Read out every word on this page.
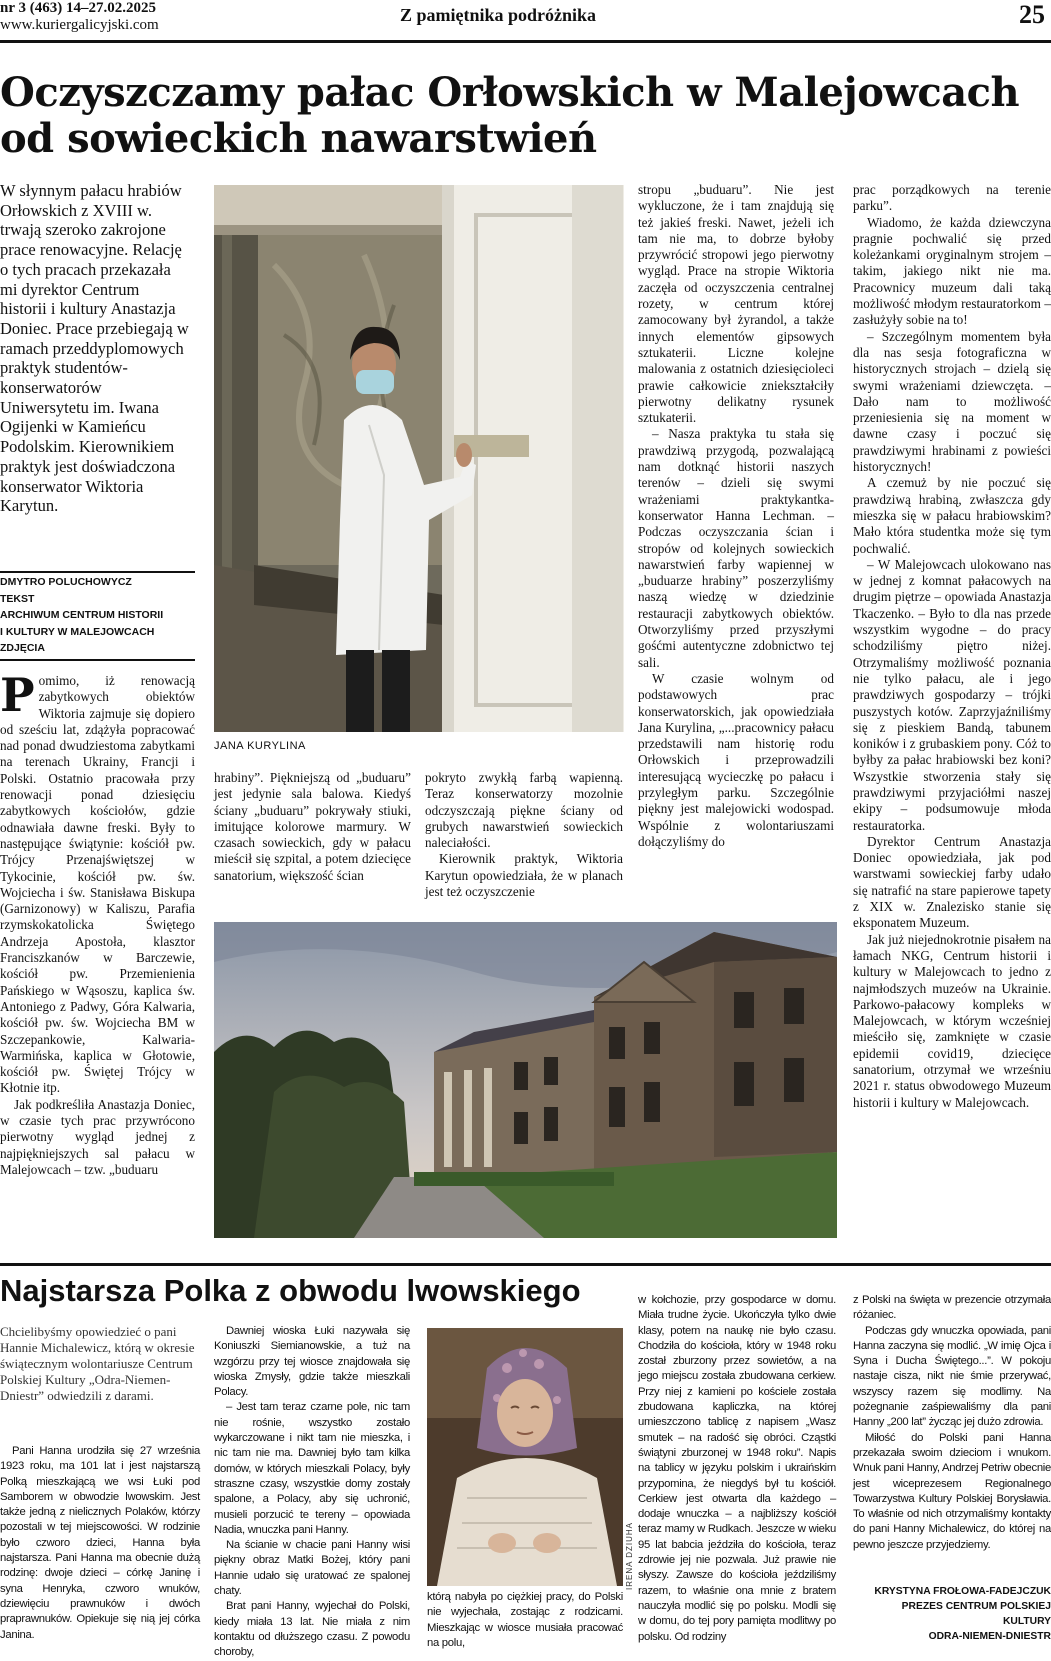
nr 3 (463) 14–27.02.2025
www.kuriergalicyjski.com	Z pamiętnika podróżnika	25
Oczyszczamy pałac Orłowskich w Malejowcach od sowieckich nawarstwień
W słynnym pałacu hrabiów Orłowskich z XVIII w. trwają szeroko zakrojone prace renowacyjne. Relację o tych pracach przekazała mi dyrektor Centrum historii i kultury Anastazja Doniec. Prace przebiegają w ramach przeddyplomowych praktyk studentów-konserwatorów Uniwersytetu im. Iwana Ogijenki w Kamieńcu Podolskim. Kierownikiem praktyk jest doświadczona konserwator Wiktoria Karytun.
DMYTRO POLUCHOWYCZ
TEKST
ARCHIWUM CENTRUM HISTORII
I KULTURY W MALEJOWCACH
ZDJĘCIA
JANA KURYLINA

Pomimo, iż renowacją zabytkowych obiektów Wiktoria zajmuje się dopiero od sześciu lat, zdążyła popracować nad ponad dwudziestoma zabytkami na terenach Ukrainy, Francji i Polski. Ostatnio pracowała przy renowacji ponad dziesięciu zabytkowych kościołów, gdzie odnawiała dawne freski. Były to następujące świątynie: kościół pw. Trójcy Przenajświętszej w Tykocinie, kościół pw. św. Wojciecha i św. Stanisława Biskupa (Garnizonowy) w Kaliszu, Parafia rzymskokatolicka Świętego Andrzeja Apostoła, klasztor Franciszkanów w Barczewie, kościół pw. Przemienienia Pańskiego w Wąsoszu, kaplica św. Antoniego z Padwy, Góra Kalwaria, kościół pw. św. Wojciecha BM w Szczepankowie, Kalwaria-Warmińska, kaplica w Głotowie, kościół pw. Świętej Trójcy w Kłotnie itp.

Jak podkreśliła Anastazja Doniec, w czasie tych prac przywrócono pierwotny wygląd jednej z najpiękniejszych sal pałacu w Malejowcach – tzw. „buduaru

hrabiny”. Piękniejszą od „buduaru” jest jedynie sala balowa. Kiedyś ściany „buduaru” pokrywały stiuki, imitujące kolorowe marmury. W czasach sowieckich, gdy w pałacu mieścił się szpital, a potem dziecięce sanatorium, większość ścian

pokryto zwykłą farbą wapienną. Teraz konserwatorzy mozolnie odczyszczają piękne ściany od grubych nawarstwień sowieckich naleciałości.

Kierownik praktyk, Wiktoria Karytun opowiedziała, że w planach jest też oczyszczenie

stropu „buduaru”. Nie jest wykluczone, że i tam znajdują się też jakieś freski. Nawet, jeżeli ich tam nie ma, to dobrze byłoby przywrócić stropowi jego pierwotny wygląd. Prace na stropie Wiktoria zaczęła od oczyszczenia centralnej rozety, w centrum której zamocowany był żyrandol, a także innych elementów gipsowych sztukaterii. Liczne kolejne malowania z ostatnich dziesięcioleci prawie całkowicie zniekształciły pierwotny delikatny rysunek sztukaterii.

– Nasza praktyka tu stała się prawdziwą przygodą, pozwalającą nam dotknąć historii naszych terenów – dzieli się swymi wrażeniami praktykantka-konserwator Hanna Lechman. – Podczas oczyszczania ścian i stropów od kolejnych sowieckich nawarstwień farby wapiennej w „buduarze hrabiny” poszerzyliśmy naszą wiedzę w dziedzinie restauracji zabytkowych obiektów. Otworzyliśmy przed przyszłymi gośćmi autentyczne zdobnictwo tej sali.

W czasie wolnym od podstawowych prac konserwatorskich, jak opowiedziała Jana Kurylina, „...pracownicy pałacu przedstawili nam historię rodu Orłowskich i przeprowadzili interesującą wycieczkę po pałacu i przyległym parku. Szczególnie piękny jest malejowicki wodospad. Wspólnie z wolontariuszami dołączyliśmy do

prac porządkowych na terenie parku”.

Wiadomo, że każda dziewczyna pragnie pochwalić się przed koleżankami oryginalnym strojem – takim, jakiego nikt nie ma. Pracownicy muzeum dali taką możliwość młodym restauratorkom – zasłużyły sobie na to!

– Szczególnym momentem była dla nas sesja fotograficzna w historycznych strojach – dzielą się swymi wrażeniami dziewczęta. – Dało nam to możliwość przeniesienia się na moment w dawne czasy i poczuć się prawdziwymi hrabinami z powieści historycznych!

A czemuż by nie poczuć się prawdziwą hrabiną, zwłaszcza gdy mieszka się w pałacu hrabiowskim? Mało która studentka może się tym pochwalić.

– W Malejowcach ulokowano nas w jednej z komnat pałacowych na drugim piętrze – opowiada Anastazja Tkaczenko. – Było to dla nas przede wszystkim wygodne – do pracy schodziliśmy piętro niżej. Otrzymaliśmy możliwość poznania nie tylko pałacu, ale i jego prawdziwych gospodarzy – trójki puszystych kotów. Zaprzyjaźniliśmy się z pieskiem Bandą, tabunem koników i z grubaskiem pony. Cóż to byłby za pałac hrabiowski bez koni? Wszystkie stworzenia stały się prawdziwymi przyjaciółmi naszej ekipy – podsumowuje młoda restauratorka.

Dyrektor Centrum Anastazja Doniec opowiedziała, jak pod warstwami sowieckiej farby udało się natrafić na stare papierowe tapety z XIX w. Znalezisko stanie się eksponatem Muzeum.

Jak już niejednokrotnie pisałem na łamach NKG, Centrum historii i kultury w Malejowcach to jedno z najmłodszych muzeów na Ukrainie. Parkowo-pałacowy kompleks w Malejowcach, w którym wcześniej mieściło się, zamknięte w czasie epidemii covid19, dziecięce sanatorium, otrzymał we wrześniu 2021 r. status obwodowego Muzeum historii i kultury w Malejowcach.

Najstarsza Polka z obwodu lwowskiego
Chcielibyśmy opowiedzieć o pani Hannie Michalewicz, którą w okresie świątecznym wolontariusze Centrum Polskiej Kultury „Odra-Niemen-Dniestr” odwiedzili z darami.

Pani Hanna urodziła się 27 września 1923 roku, ma 101 lat i jest najstarszą Polką mieszkającą we wsi Łuki pod Samborem w obwodzie lwowskim. Jest także jedną z nielicznych Polaków, którzy pozostali w tej miejscowości. W rodzinie było czworo dzieci, Hanna była najstarsza. Pani Hanna ma obecnie dużą rodzinę: dwoje dzieci – córkę Janinę i syna Henryka, czworo wnuków, dziewięciu prawnuków i dwóch praprawnuków. Opiekuje się nią jej córka Janina.

Dawniej wioska Łuki nazywała się Koniuszki Siemianowskie, a tuż na wzgórzu przy tej wiosce znajdowała się wioska Zmysły, gdzie także mieszkali Polacy.

– Jest tam teraz czarne pole, nic tam nie rośnie, wszystko zostało wykarczowane i nikt tam nie mieszka, i nic tam nie ma. Dawniej było tam kilka domów, w których mieszkali Polacy, były straszne czasy, wszystkie domy zostały spalone, a Polacy, aby się uchronić, musieli porzucić te tereny – opowiada Nadia, wnuczka pani Hanny.

Na ścianie w chacie pani Hanny wisi piękny obraz Matki Bożej, który pani Hannie udało się uratować ze spalonej chaty.

Brat pani Hanny, wyjechał do Polski, kiedy miała 13 lat. Nie miała z nim kontaktu od dłuższego czasu. Z powodu choroby,

IRENA DZIUHA

którą nabyła po ciężkiej pracy, do Polski nie wyjechała, zostając z rodzicami. Mieszkając w wiosce musiała pracować na polu,

w kołchozie, przy gospodarce w domu. Miała trudne życie. Ukończyła tylko dwie klasy, potem na naukę nie było czasu. Chodziła do kościoła, który w 1948 roku został zburzony przez sowietów, a na jego miejscu została zbudowana cerkiew. Przy niej z kamieni po kościele została zbudowana kapliczka, na której umieszczono tablicę z napisem „Wasz smutek – na radość się obróci. Cząstki świątyni zburzonej w 1948 roku”. Napis na tablicy w języku polskim i ukraińskim przypomina, że niegdyś był tu kościół. Cerkiew jest otwarta dla każdego – dodaje wnuczka – a najbliższy kościół teraz mamy w Rudkach. Jeszcze w wieku 95 lat babcia jeździła do kościoła, teraz zdrowie jej nie pozwala. Już prawie nie słyszy. Zawsze do kościoła jeździliśmy razem, to właśnie ona mnie z bratem nauczyła modlić się po polsku. Modli się w domu, do tej pory pamięta modlitwy po polsku. Od rodziny

z Polski na święta w prezencie otrzymała różaniec.

Podczas gdy wnuczka opowiada, pani Hanna zaczyna się modlić. „W imię Ojca i Syna i Ducha Świętego...”. W pokoju nastaje cisza, nikt nie śmie przerywać, wszyscy razem się modlimy. Na pożegnanie zaśpiewaliśmy dla pani Hanny „200 lat” życząc jej dużo zdrowia.

Miłość do Polski pani Hanna przekazała swoim dzieciom i wnukom. Wnuk pani Hanny, Andrzej Petriw obecnie jest wiceprezesem Regionalnego Towarzystwa Kultury Polskiej Borysławia. To właśnie od nich otrzymaliśmy kontakty do pani Hanny Michalewicz, do której na pewno jeszcze przyjedziemy.

KRYSTYNA FROŁOWA-FADEJCZUK
PREZES CENTRUM POLSKIEJ KULTURY
ODRA-NIEMEN-DNIESTR
